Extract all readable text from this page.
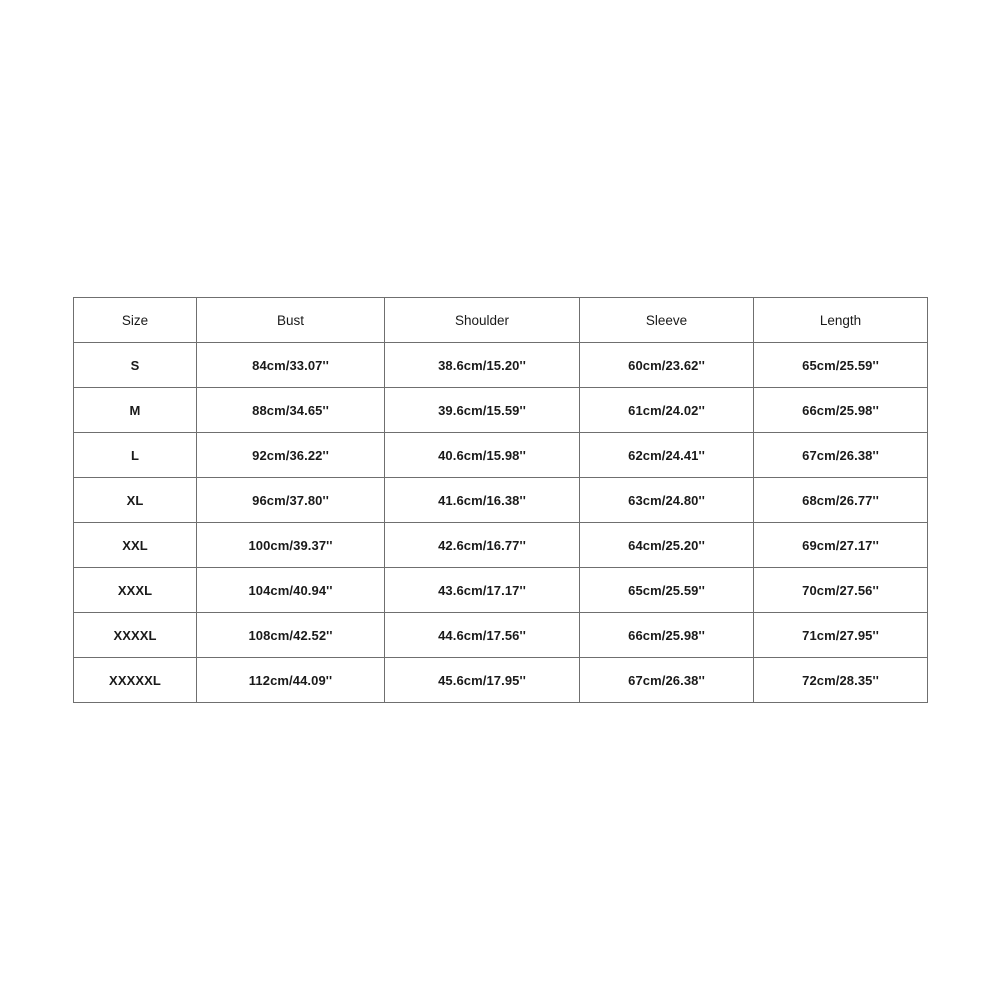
Size	Bust	Shoulder	Sleeve	Length
S	84cm/33.07''	38.6cm/15.20''	60cm/23.62''	65cm/25.59''
M	88cm/34.65''	39.6cm/15.59''	61cm/24.02''	66cm/25.98''
L	92cm/36.22''	40.6cm/15.98''	62cm/24.41''	67cm/26.38''
XL	96cm/37.80''	41.6cm/16.38''	63cm/24.80''	68cm/26.77''
XXL	100cm/39.37''	42.6cm/16.77''	64cm/25.20''	69cm/27.17''
XXXL	104cm/40.94''	43.6cm/17.17''	65cm/25.59''	70cm/27.56''
XXXXL	108cm/42.52''	44.6cm/17.56''	66cm/25.98''	71cm/27.95''
XXXXXL	112cm/44.09''	45.6cm/17.95''	67cm/26.38''	72cm/28.35''
